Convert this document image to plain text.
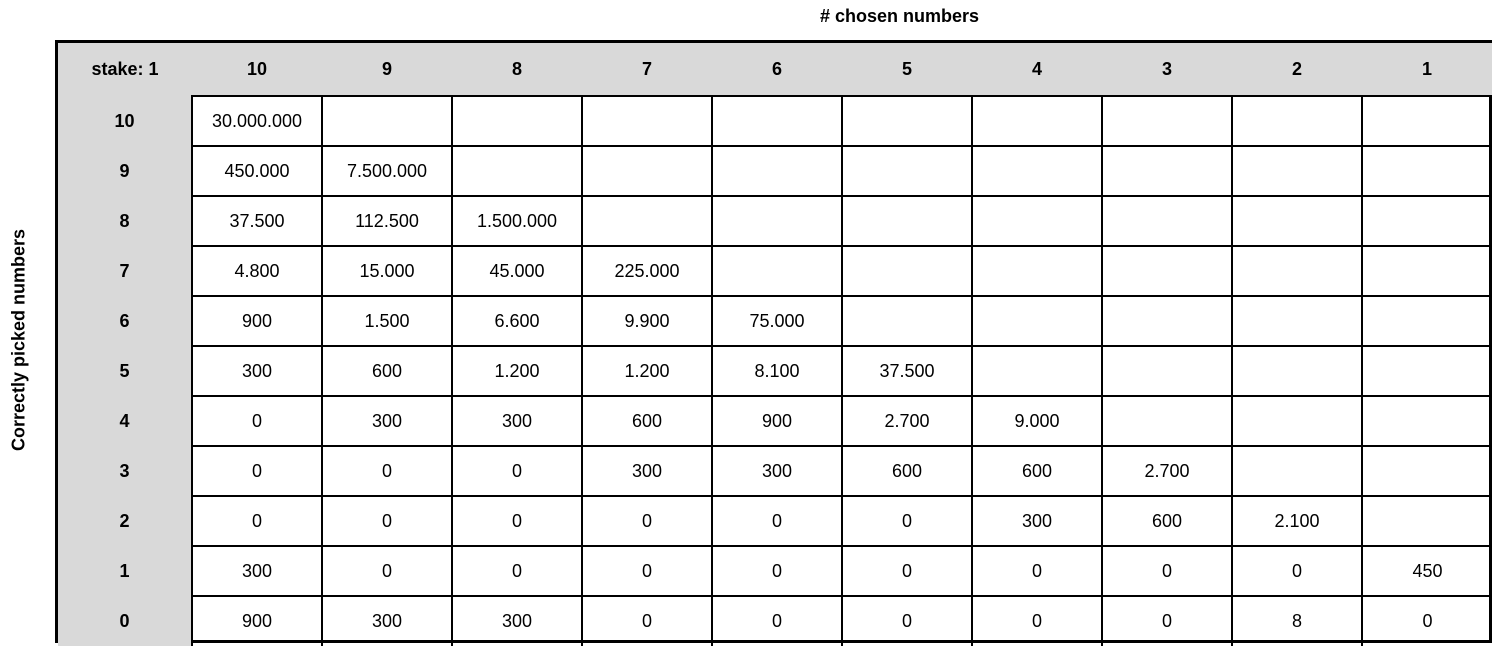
# chosen numbers
Correctly picked numbers
stake: 1	10	9	8	7	6	5	4	3	2	1
10	30.000.000									
9	450.000	7.500.000								
8	37.500	112.500	1.500.000							
7	4.800	15.000	45.000	225.000						
6	900	1.500	6.600	9.900	75.000					
5	300	600	1.200	1.200	8.100	37.500				
4	0	300	300	600	900	2.700	9.000			
3	0	0	0	300	300	600	600	2.700		
2	0	0	0	0	0	0	300	600	2.100	
1	300	0	0	0	0	0	0	0	0	450
0	900	300	300	0	0	0	0	0	8	0
